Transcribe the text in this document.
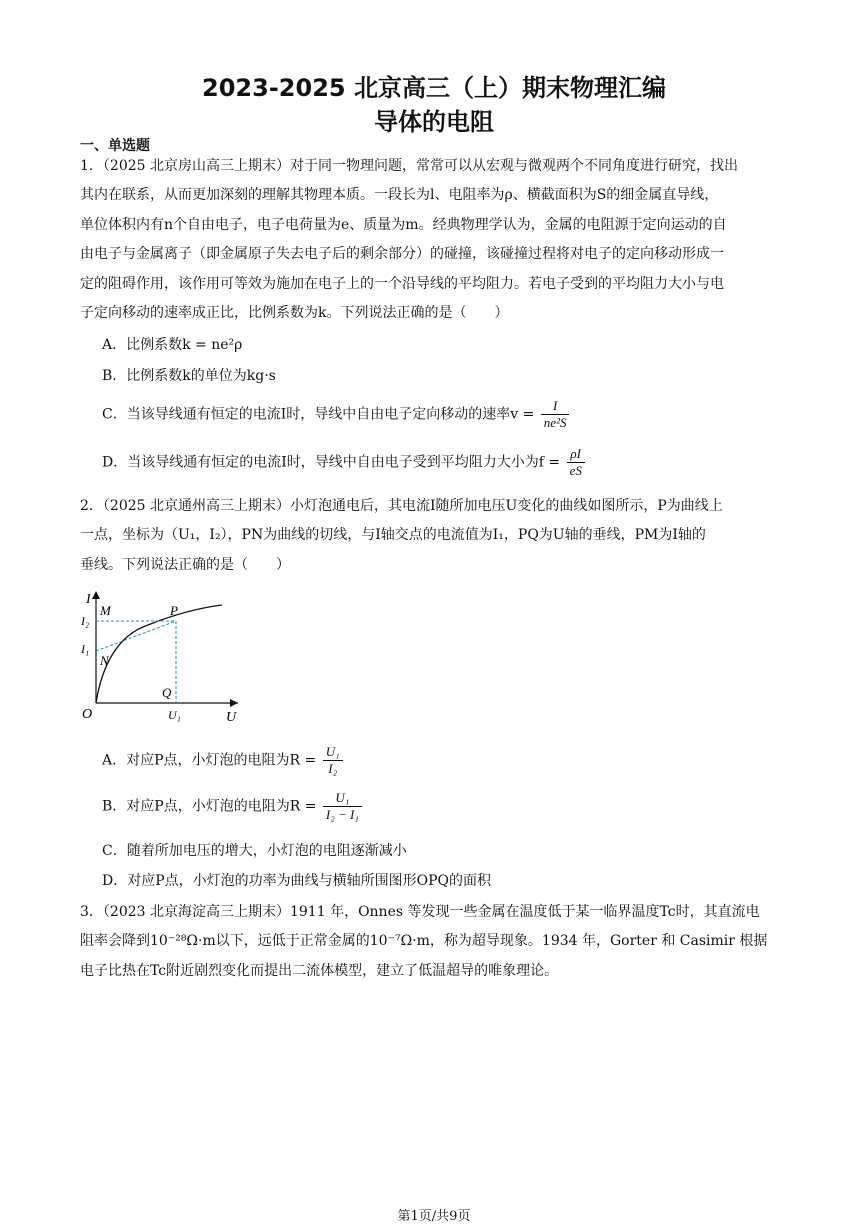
2023-2025 北京高三（上）期末物理汇编
导体的电阻
一、单选题
1．（2025 北京房山高三上期末）对于同一物理问题，常常可以从宏观与微观两个不同角度进行研究，找出
其内在联系，从而更加深刻的理解其物理本质。一段长为l、电阻率为ρ、横截面积为S的细金属直导线，
单位体积内有n个自由电子，电子电荷量为e、质量为m。经典物理学认为，金属的电阻源于定向运动的自
由电子与金属离子（即金属原子失去电子后的剩余部分）的碰撞，该碰撞过程将对电子的定向移动形成一
定的阻碍作用，该作用可等效为施加在电子上的一个沿导线的平均阻力。若电子受到的平均阻力大小与电
子定向移动的速率成正比，比例系数为k。下列说法正确的是（　　）
A．比例系数k = ne²ρ
B．比例系数k的单位为kg·s
C．当该导线通有恒定的电流I时，导线中自由电子定向移动的速率$v = \frac{I}{\text{ne²S}}$
D．当该导线通有恒定的电流I时，导线中自由电子受到平均阻力大小为$f = \frac{\rho I}{eS}$
2．（2025 北京通州高三上期末）小灯泡通电后，其电流I随所加电压U变化的曲线如图所示，P为曲线上
一点，坐标为（U₁，I₂），PN为曲线的切线，与I轴交点的电流值为I₁，PQ为U轴的垂线，PM为I轴的
垂线。下列说法正确的是（　　）
I
U
O
M	P
N
Q
I₂
I₁
U₁
A．对应P点，小灯泡的电阻为$R = \frac{\text{U₁}}{\text{I₂}}$
B．对应P点，小灯泡的电阻为$R = \frac{\text{U₁}}{\text{I₂ − I₁}}$
C．随着所加电压的增大，小灯泡的电阻逐渐减小
D．对应P点，小灯泡的功率为曲线与横轴所围图形OPQ的面积
3．（2023 北京海淀高三上期末）1911 年，Onnes 等发现一些金属在温度低于某一临界温度Tc时，其直流电
阻率会降到10⁻²⁸Ω·m以下，远低于正常金属的10⁻⁷Ω·m，称为超导现象。1934 年，Gorter 和 Casimir 根据
电子比热在Tc附近剧烈变化而提出二流体模型，建立了低温超导的唯象理论。
第1页/共9页
